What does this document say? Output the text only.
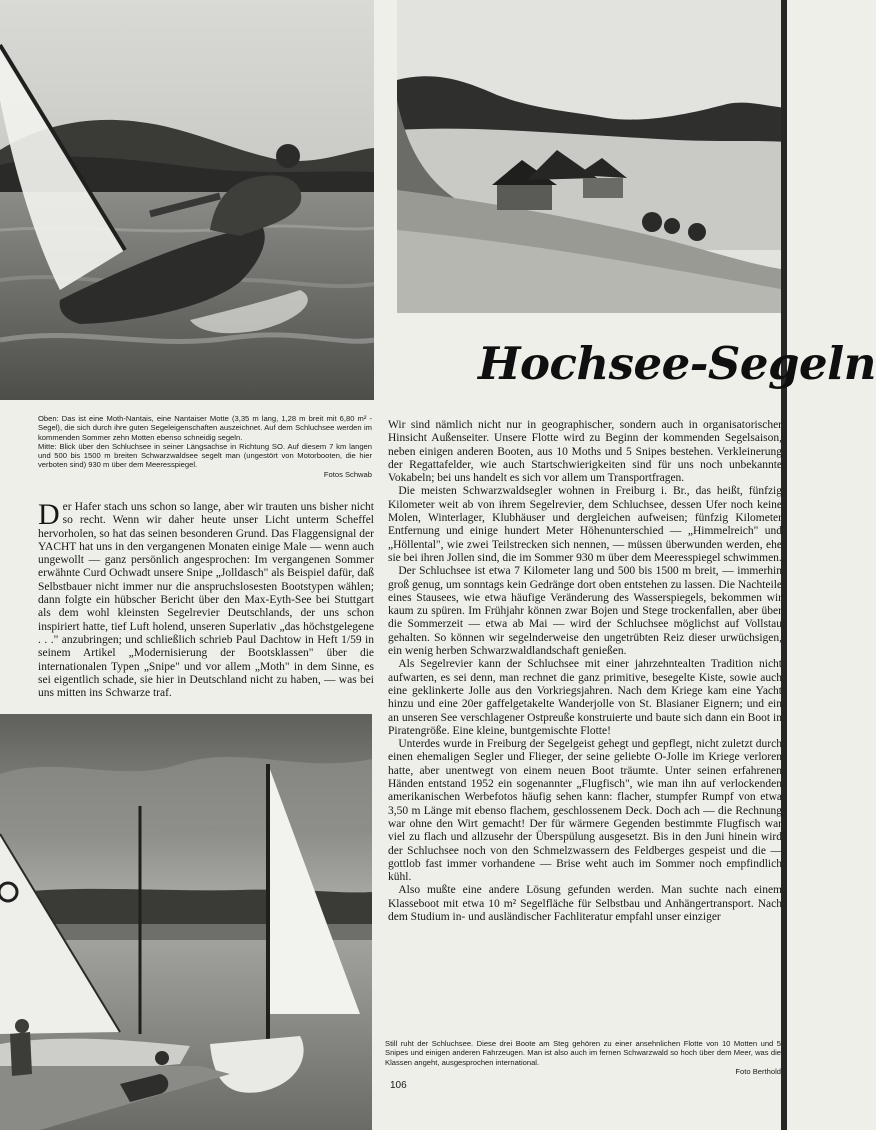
Hochsee-Segeln

Oben: Das ist eine Moth-Nantais, eine Nantaiser Motte (3,35 m lang, 1,28 m breit mit 6,80 m² - Segel), die sich durch ihre guten Segeleigenschaften auszeichnet. Auf dem Schluchsee werden im kommenden Sommer zehn Motten ebenso schneidig segeln.

Mitte: Blick über den Schluchsee in seiner Längsachse in Richtung SO. Auf diesem 7 km langen und 500 bis 1500 m breiten Schwarzwaldsee segelt man (ungestört von Motorbooten, die hier verboten sind) 930 m über dem Meeresspiegel.

Fotos Schwab

Der Hafer stach uns schon so lange, aber wir trauten uns bisher nicht so recht. Wenn wir daher heute unser Licht unterm Scheffel hervorholen, so hat das seinen besonderen Grund. Das Flaggensignal der YACHT hat uns in den vergangenen Monaten einige Male — wenn auch ungewollt — ganz persönlich angesprochen: Im vergangenen Sommer erwähnte Curd Ochwadt unsere Snipe „Jolldasch" als Beispiel dafür, daß Selbstbauer nicht immer nur die anspruchslosesten Bootstypen wählen; dann folgte ein hübscher Bericht über den Max-Eyth-See bei Stuttgart als dem wohl kleinsten Segelrevier Deutschlands, der uns schon inspiriert hatte, tief Luft holend, unseren Superlativ „das höchstgelegene . . ." anzubringen; und schließlich schrieb Paul Dachtow in Heft 1/59 in seinem Artikel „Modernisierung der Bootsklassen" über die internationalen Typen „Snipe" und vor allem „Moth" in dem Sinne, es sei eigentlich schade, sie hier in Deutschland nicht zu haben, — was bei uns mitten ins Schwarze traf.

Wir sind nämlich nicht nur in geographischer, sondern auch in organisatorischer Hinsicht Außenseiter. Unsere Flotte wird zu Beginn der kommenden Segelsaison, neben einigen anderen Booten, aus 10 Moths und 5 Snipes bestehen. Verkleinerung der Regattafelder, wie auch Startschwierigkeiten sind für uns noch unbekannte Vokabeln; bei uns handelt es sich vor allem um Transportfragen.

Die meisten Schwarzwaldsegler wohnen in Freiburg i. Br., das heißt, fünfzig Kilometer weit ab von ihrem Segelrevier, dem Schluchsee, dessen Ufer noch keine Molen, Winterlager, Klubhäuser und dergleichen aufweisen; fünfzig Kilometer Entfernung und einige hundert Meter Höhenunterschied — „Himmelreich" und „Höllental", wie zwei Teilstrecken sich nennen, — müssen überwunden werden, ehe sie bei ihren Jollen sind, die im Sommer 930 m über dem Meeresspiegel schwimmen.

Der Schluchsee ist etwa 7 Kilometer lang und 500 bis 1500 m breit, — immerhin groß genug, um sonntags kein Gedränge dort oben entstehen zu lassen. Die Nachteile eines Stausees, wie etwa häufige Veränderung des Wasserspiegels, bekommen wir kaum zu spüren. Im Frühjahr können zwar Bojen und Stege trockenfallen, aber über die Sommerzeit — etwa ab Mai — wird der Schluchsee möglichst auf Vollstau gehalten. So können wir segelnderweise den ungetrübten Reiz dieser urwüchsigen, ein wenig herben Schwarzwaldlandschaft genießen.

Als Segelrevier kann der Schluchsee mit einer jahrzehntealten Tradition nicht aufwarten, es sei denn, man rechnet die ganz primitive, besegelte Kiste, sowie auch eine geklinkerte Jolle aus den Vorkriegsjahren. Nach dem Kriege kam eine Yacht hinzu und eine 20er gaffelgetakelte Wanderjolle von St. Blasianer Eignern; und ein an unseren See verschlagener Ostpreuße konstruierte und baute sich dann ein Boot in Piratengröße. Eine kleine, buntgemischte Flotte!

Unterdes wurde in Freiburg der Segelgeist gehegt und gepflegt, nicht zuletzt durch einen ehemaligen Segler und Flieger, der seine geliebte O-Jolle im Kriege verloren hatte, aber unentwegt von einem neuen Boot träumte. Unter seinen erfahrenen Händen entstand 1952 ein sogenannter „Flugfisch", wie man ihn auf verlockenden amerikanischen Werbefotos häufig sehen kann: flacher, stumpfer Rumpf von etwa 3,50 m Länge mit ebenso flachem, geschlossenem Deck. Doch ach — die Rechnung war ohne den Wirt gemacht! Der für wärmere Gegenden bestimmte Flugfisch war viel zu flach und allzusehr der Überspülung ausgesetzt. Bis in den Juni hinein wird der Schluchsee noch von den Schmelzwassern des Feldberges gespeist und die — gottlob fast immer vorhandene — Brise weht auch im Sommer noch empfindlich kühl.

Also mußte eine andere Lösung gefunden werden. Man suchte nach einem Klasseboot mit etwa 10 m² Segelfläche für Selbstbau und Anhängertransport. Nach dem Studium in- und ausländischer Fachliteratur empfahl unser einziger

Still ruht der Schluchsee. Diese drei Boote am Steg gehören zu einer ansehnlichen Flotte von 10 Motten und 5 Snipes und einigen anderen Fahrzeugen. Man ist also auch im fernen Schwarzwald so hoch über dem Meer, was die Klassen angeht, ausgesprochen international.

Foto Berthold

106
